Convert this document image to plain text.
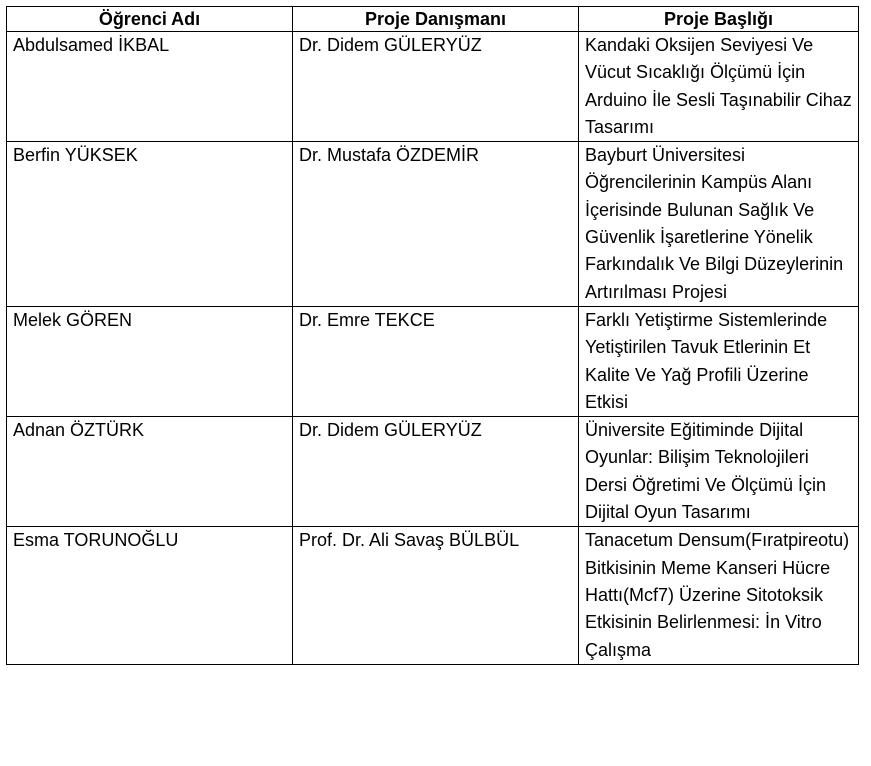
Öğrenci Adı	Proje Danışmanı	Proje Başlığı
Abdulsamed İKBAL	Dr. Didem GÜLERYÜZ	Kandaki Oksijen Seviyesi Ve Vücut Sıcaklığı Ölçümü İçin Arduino İle Sesli Taşınabilir Cihaz Tasarımı
Berfin YÜKSEK	Dr. Mustafa ÖZDEMİR	Bayburt Üniversitesi Öğrencilerinin Kampüs Alanı İçerisinde Bulunan Sağlık Ve Güvenlik İşaretlerine Yönelik Farkındalık Ve Bilgi Düzeylerinin Artırılması Projesi
Melek GÖREN	Dr. Emre TEKCE	Farklı Yetiştirme Sistemlerinde Yetiştirilen Tavuk Etlerinin Et Kalite Ve Yağ Profili Üzerine Etkisi
Adnan ÖZTÜRK	Dr. Didem GÜLERYÜZ	Üniversite Eğitiminde Dijital Oyunlar: Bilişim Teknolojileri Dersi Öğretimi Ve Ölçümü İçin Dijital Oyun Tasarımı
Esma TORUNOĞLU	Prof. Dr. Ali Savaş BÜLBÜL	Tanacetum Densum(Fıratpireotu) Bitkisinin Meme Kanseri Hücre Hattı(Mcf7) Üzerine Sitotoksik Etkisinin Belirlenmesi: İn Vitro Çalışma
